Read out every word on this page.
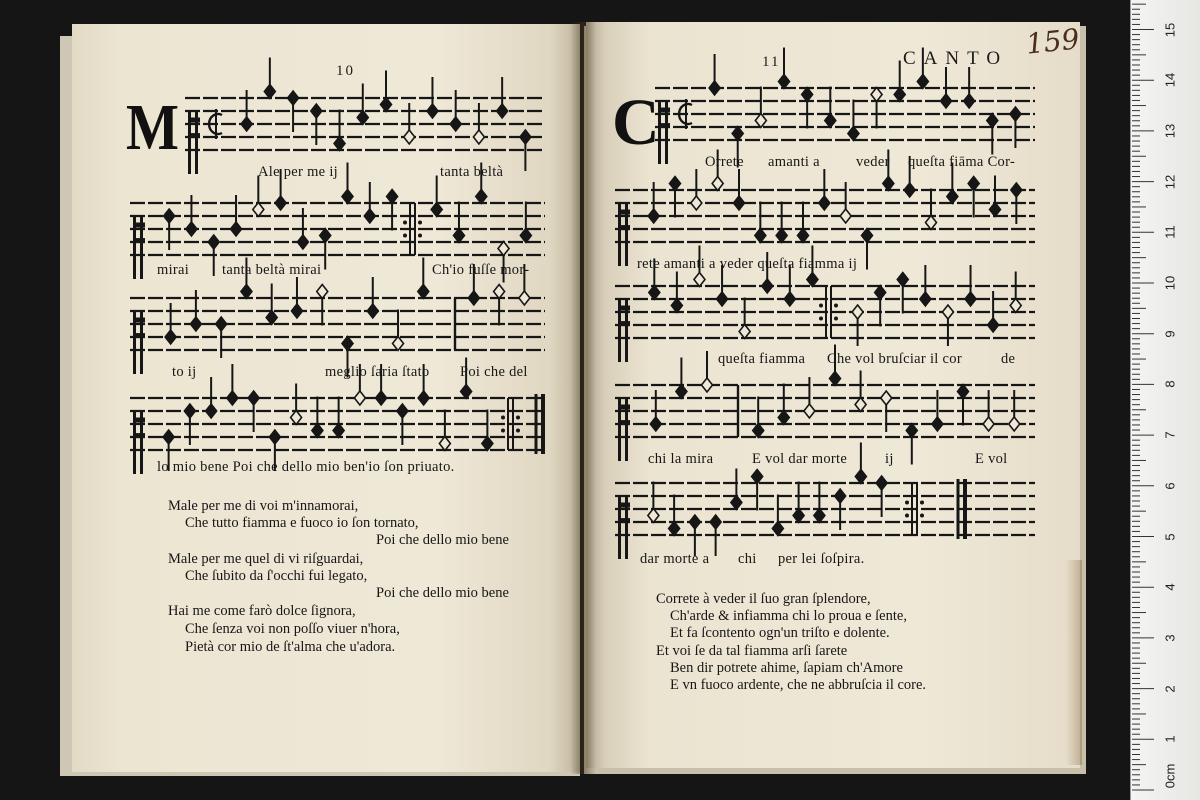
10
M
Ale per me ij	tanta beltà
mirai tanta beltà mirai	Ch'io fuſſe mor-
to ij	meglio ſaria ſtato Poi che del
lo mio bene Poi che dello mio ben'io ſon priuato.
Male per me di voi m'innamorai,
Che tutto fiamma e fuoco io ſon tornato,
Poi che dello mio bene
Male per me quel di vi riſguardai,
Che ſubito da ſ'occhi fui legato,
Poi che dello mio bene
Hai me come farò dolce ſignora,
Che ſenza voi non poſſo viuer n'hora,
Pietà cor mio de ſt'alma che u'adora.
11	CANTO 159
C
Orrete amanti a veder queſta fiāma Cor-
rete amanti a veder queſta fiamma ij
queſta fiamma Che vol bruſciar il cor	de
chi la mira	E vol dar morte	ij	E vol
dar morte a chi per lei ſoſpira.
Correte à veder il ſuo gran ſplendore,
Ch'arde & infiamma chi lo proua e ſente,
Et fa ſcontento ogn'un triſto e dolente.
Et voi ſe da tal fiamma arſi ſarete
Ben dir potrete ahime, ſapiam ch'Amore
E vn fuoco ardente, che ne abbruſcia il core.
0cm
1
2
3
4
5
6
7
8
9
10
11
12
13
14
15
